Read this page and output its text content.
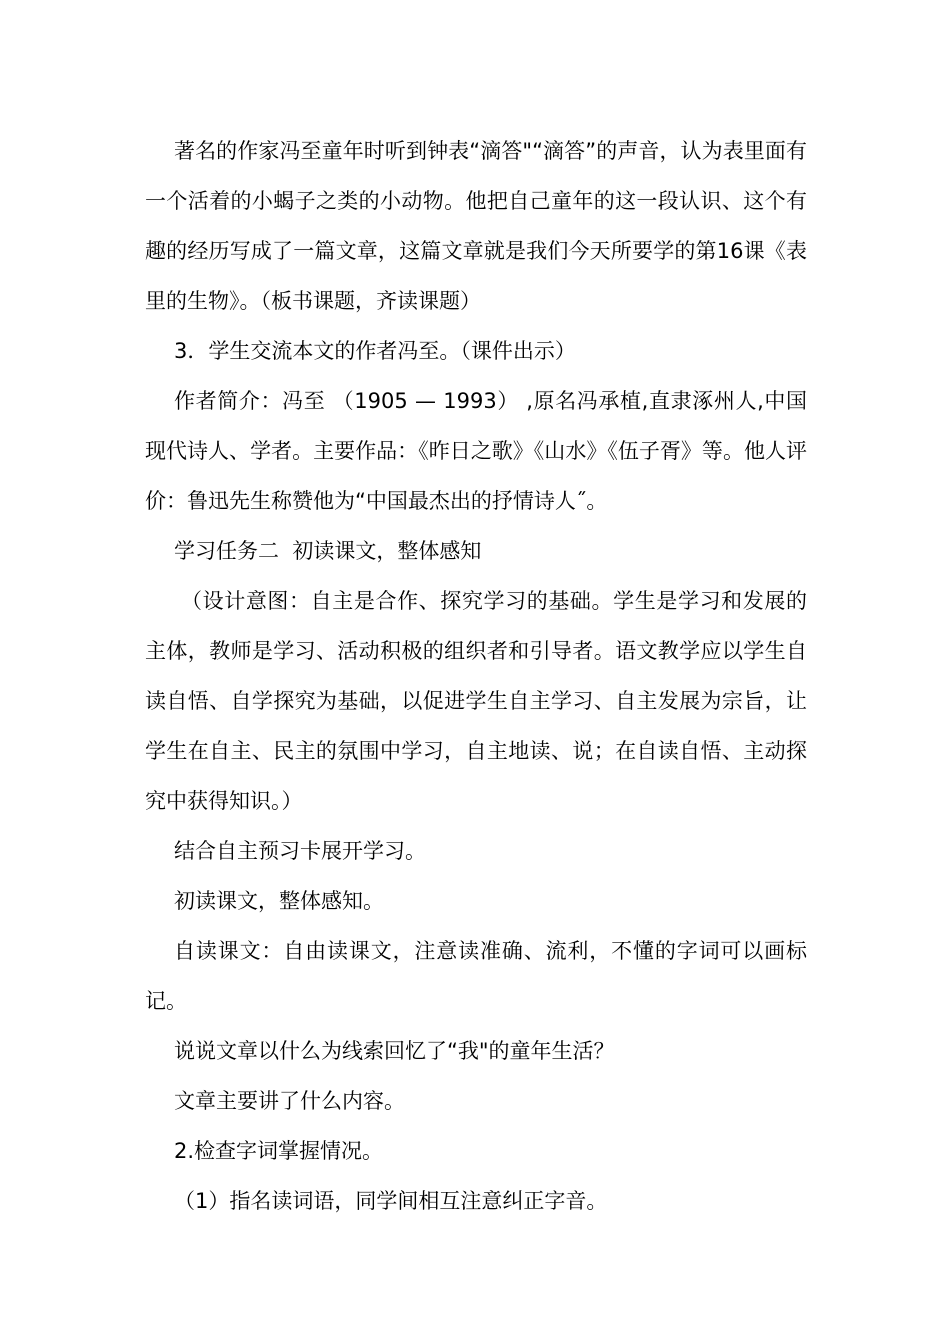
著名的作家冯至童年时听到钟表“滴答"“滴答”的声音，认为表里面有一个活着的小蝎子之类的小动物。他把自己童年的这一段认识、这个有趣的经历写成了一篇文章，这篇文章就是我们今天所要学的第16课《表里的生物》。（板书课题，齐读课题）

3．学生交流本文的作者冯至。（课件出示）

作者简介：冯至 （1905 — 1993） ,原名冯承植,直隶涿州人,中国现代诗人、学者。主要作品：《昨日之歌》《山水》《伍子胥》等。他人评价：鲁迅先生称赞他为“中国最杰出的抒情诗人˝。

学习任务二  初读课文，整体感知

（设计意图：自主是合作、探究学习的基础。学生是学习和发展的主体，教师是学习、活动积极的组织者和引导者。语文教学应以学生自读自悟、自学探究为基础，以促进学生自主学习、自主发展为宗旨，让学生在自主、民主的氛围中学习，自主地读、说；在自读自悟、主动探究中获得知识。）

结合自主预习卡展开学习。

初读课文，整体感知。

自读课文：自由读课文，注意读准确、流利，不懂的字词可以画标记。

说说文章以什么为线索回忆了“我"的童年生活？

文章主要讲了什么内容。

2.检查字词掌握情况。

（1）指名读词语，同学间相互注意纠正字音。
